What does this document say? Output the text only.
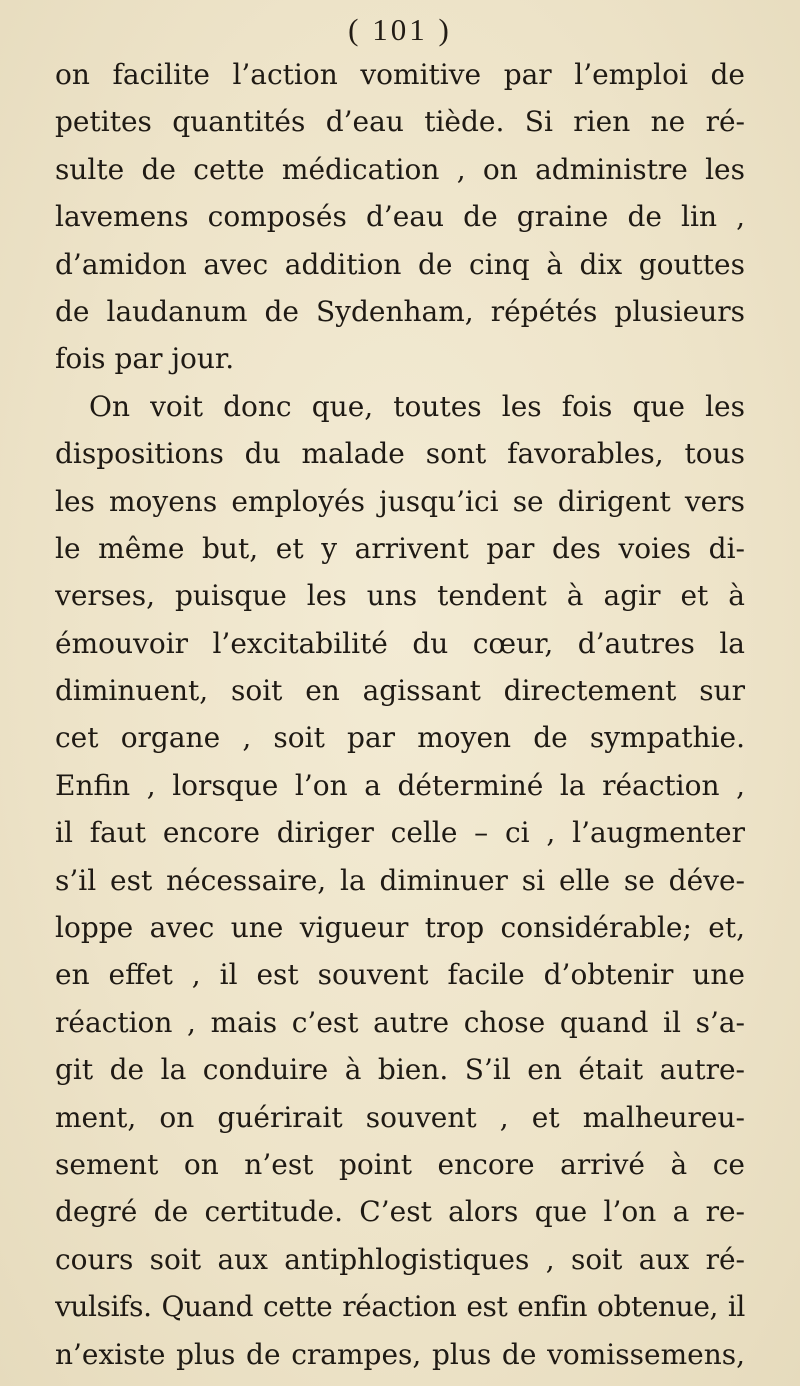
( 101 )
on facilite l’action vomitive par l’emploi de
petites quantités d’eau tiède. Si rien ne ré-
sulte de cette médication , on administre les
lavemens composés d’eau de graine de lin ,
d’amidon avec addition de cinq à dix gouttes
de laudanum de Sydenham, répétés plusieurs
fois par jour.
On voit donc que, toutes les fois que les
dispositions du malade sont favorables, tous
les moyens employés jusqu’ici se dirigent vers
le même but, et y arrivent par des voies di-
verses, puisque les uns tendent à agir et à
émouvoir l’excitabilité du cœur, d’autres la
diminuent, soit en agissant directement sur
cet organe , soit par moyen de sympathie.
Enfin , lorsque l’on a déterminé la réaction ,
il faut encore diriger celle – ci , l’augmenter
s’il est nécessaire, la diminuer si elle se déve-
loppe avec une vigueur trop considérable; et,
en effet , il est souvent facile d’obtenir une
réaction , mais c’est autre chose quand il s’a-
git de la conduire à bien. S’il en était autre-
ment, on guérirait souvent , et malheureu-
sement on n’est point encore arrivé à ce
degré de certitude. C’est alors que l’on a re-
cours soit aux antiphlogistiques , soit aux ré-
vulsifs. Quand cette réaction est enfin obtenue, il
n’existe plus de crampes, plus de vomissemens,
